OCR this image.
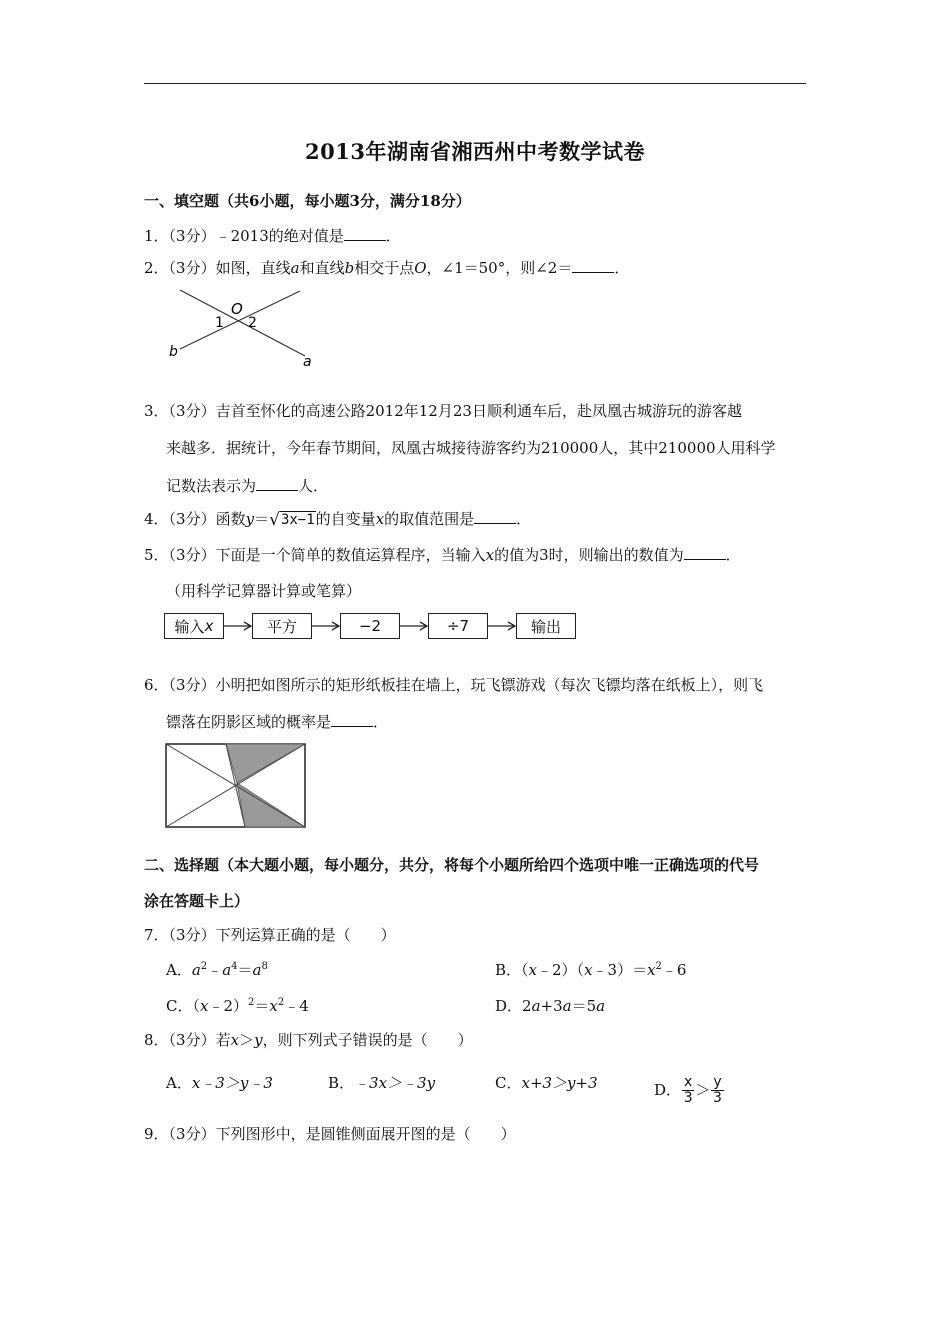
2013年湖南省湘西州中考数学试卷
一、填空题（共6小题，每小题3分，满分18分）
1．（3分）﹣2013的绝对值是	．
2．（3分）如图，直线a和直线b相交于点O，∠1＝50°，则∠2＝	．
O
1 2
a
b
3．（3分）吉首至怀化的高速公路2012年12月23日顺利通车后，赴凤凰古城游玩的游客越
来越多．据统计，今年春节期间，凤凰古城接待游客约为210000人，其中210000人用科学
记数法表示为	人．
4．（3分）函数y＝ √ 3x−1 的自变量x的取值范围是	．
5．（3分）下面是一个简单的数值运算程序，当输入x的值为3时，则输出的数值为	．
（用科学记算器计算或笔算）
输入 x	平方	−2	÷7	输出
6．（3分）小明把如图所示的矩形纸板挂在墙上，玩飞镖游戏（每次飞镖均落在纸板上），则飞
镖落在阴影区域的概率是	．
二、选择题（本大题小题，每小题分，共分，将每个小题所给四个选项中唯一正确选项的代号
涂在答题卡上）
7．（3分）下列运算正确的是（　　）
A．$a^2﹣a^4=a^8$	B．$(x﹣2)(x﹣3)=x^2﹣6$
C．$(x﹣2)^2=x^2﹣4$	D．2a+3a＝5a
8．（3分）若x＞y，则下列式子错误的是（　　）
A．x﹣3＞y﹣3	B．﹣3x＞﹣3y	C．x+3＞y+3	D． $\frac{x}{3} > \frac{y}{3}$
9．（3分）下列图形中，是圆锥侧面展开图的是（　　）
